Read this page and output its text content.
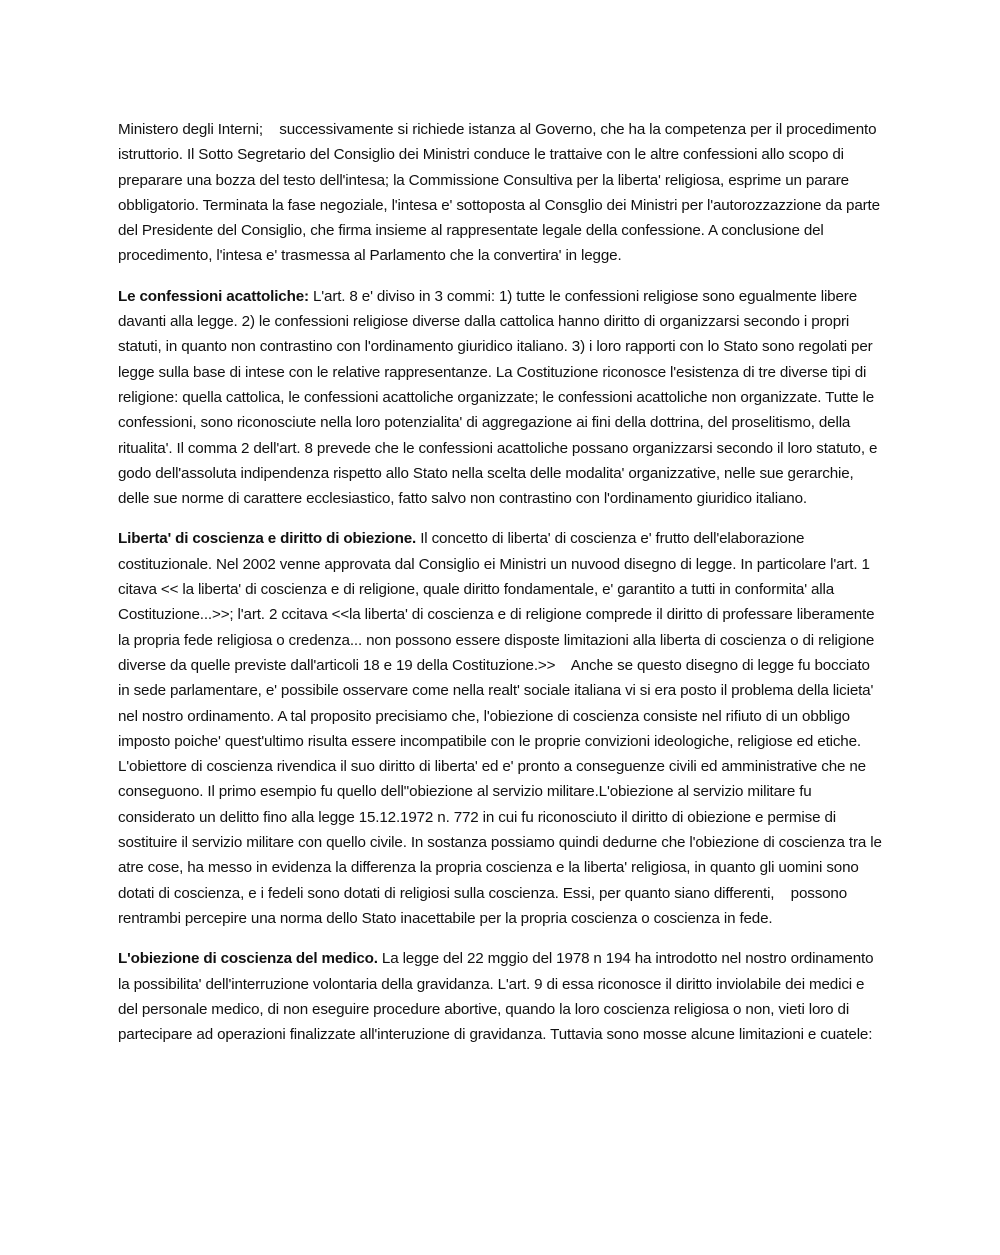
Ministero degli Interni;    successivamente si richiede istanza al Governo, che ha la competenza per il procedimento istruttorio. Il Sotto Segretario del Consiglio dei Ministri conduce le trattaive con le altre confessioni allo scopo di preparare una bozza del testo dell'intesa; la Commissione Consultiva per la liberta' religiosa, esprime un parare obbligatorio. Terminata la fase negoziale, l'intesa e' sottoposta al Consglio dei Ministri per l'autorozzazzione da parte del Presidente del Consiglio, che firma insieme al rappresentate legale della confessione. A conclusione del procedimento, l'intesa e' trasmessa al Parlamento che la convertira' in legge.

Le confessioni acattoliche: L'art. 8 e' diviso in 3 commi: 1) tutte le confessioni religiose sono egualmente libere davanti alla legge. 2) le confessioni religiose diverse dalla cattolica hanno diritto di organizzarsi secondo i propri statuti, in quanto non contrastino con l'ordinamento giuridico italiano. 3) i loro rapporti con lo Stato sono regolati per legge sulla base di intese con le relative rappresentanze. La Costituzione riconosce l'esistenza di tre diverse tipi di religione: quella cattolica, le confessioni acattoliche organizzate; le confessioni acattoliche non organizzate. Tutte le confessioni, sono riconosciute nella loro potenzialita' di aggregazione ai fini della dottrina, del proselitismo, della ritualita'. Il comma 2 dell'art. 8 prevede che le confessioni acattoliche possano organizzarsi secondo il loro statuto, e godo dell'assoluta indipendenza rispetto allo Stato nella scelta delle modalita' organizzative, nelle sue gerarchie, delle sue norme di carattere ecclesiastico, fatto salvo non contrastino con l'ordinamento giuridico italiano.

Liberta' di coscienza e diritto di obiezione. Il concetto di liberta' di coscienza e' frutto dell'elaborazione costituzionale. Nel 2002 venne approvata dal Consiglio ei Ministri un nuvood disegno di legge. In particolare l'art. 1 citava << la liberta' di coscienza e di religione, quale diritto fondamentale, e' garantito a tutti in conformita' alla Costituzione...>>; l'art. 2 ccitava <<la liberta' di coscienza e di religione comprede il diritto di professare liberamente la propria fede religiosa o credenza... non possono essere disposte limitazioni alla liberta di coscienza o di religione diverse da quelle previste dall'articoli 18 e 19 della Costituzione.>>    Anche se questo disegno di legge fu bocciato in sede parlamentare, e' possibile osservare come nella realt' sociale italiana vi si era posto il problema della licieta' nel nostro ordinamento. A tal proposito precisiamo che, l'obiezione di coscienza consiste nel rifiuto di un obbligo imposto poiche' quest'ultimo risulta essere incompatibile con le proprie convizioni ideologiche, religiose ed etiche. L'obiettore di coscienza rivendica il suo diritto di liberta' ed e' pronto a conseguenze civili ed amministrative che ne conseguono. Il primo esempio fu quello dell''obiezione al servizio militare.L'obiezione al servizio militare fu considerato un delitto fino alla legge 15.12.1972 n. 772 in cui fu riconosciuto il diritto di obiezione e permise di sostituire il servizio militare con quello civile. In sostanza possiamo quindi dedurne che l'obiezione di coscienza tra le atre cose, ha messo in evidenza la differenza la propria coscienza e la liberta' religiosa, in quanto gli uomini sono dotati di coscienza, e i fedeli sono dotati di religiosi sulla coscienza. Essi, per quanto siano differenti,    possono rentrambi percepire una norma dello Stato inacettabile per la propria coscienza o coscienza in fede.

L'obiezione di coscienza del medico. La legge del 22 mggio del 1978 n 194 ha introdotto nel nostro ordinamento la possibilita' dell'interruzione volontaria della gravidanza. L'art. 9 di essa riconosce il diritto inviolabile dei medici e del personale medico, di non eseguire procedure abortive, quando la loro coscienza religiosa o non, vieti loro di partecipare ad operazioni finalizzate all'interuzione di gravidanza. Tuttavia sono mosse alcune limitazioni e cuatele:
